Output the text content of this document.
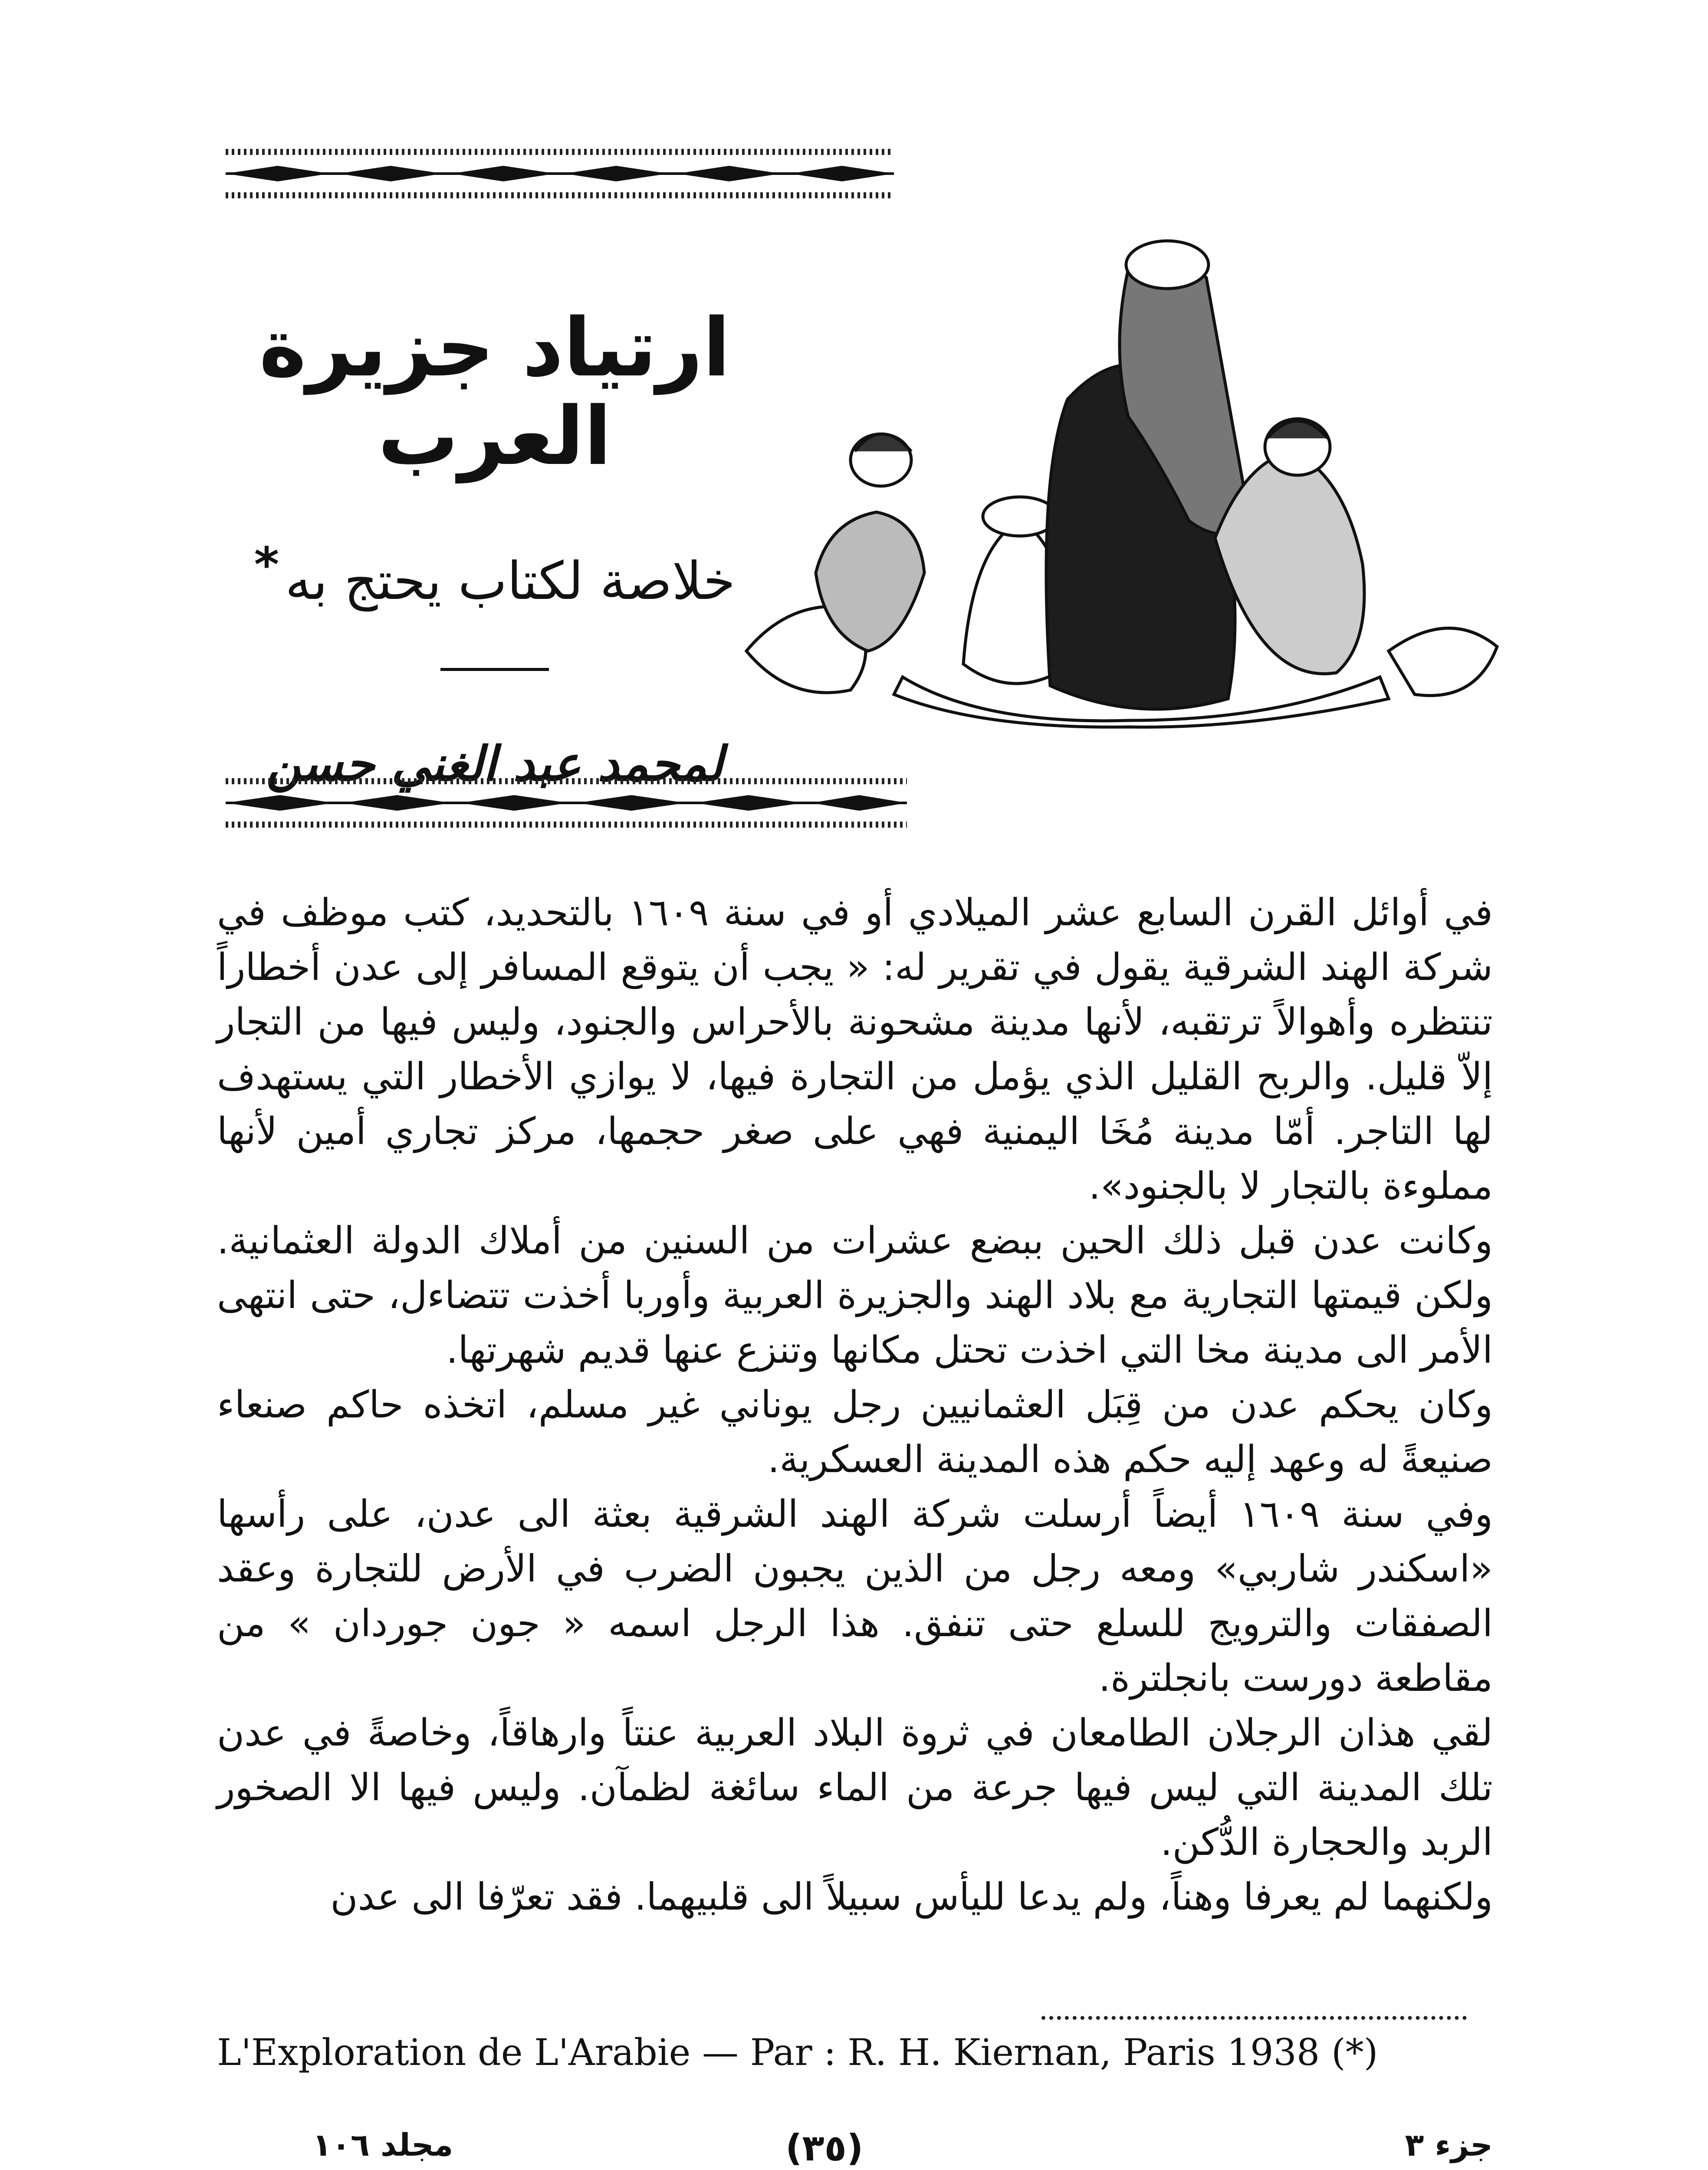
ارتياد جزيرة العرب
خلاصة لكتاب يحتج به*
لمحمد عبد الغني حسن

في أوائل القرن السابع عشر الميلادي أو في سنة ١٦٠٩ بالتحديد، كتب موظف في شركة الهند الشرقية يقول في تقرير له: « يجب أن يتوقع المسافر إلى عدن أخطاراً تنتظره وأهوالاً ترتقبه، لأنها مدينة مشحونة بالأحراس والجنود، وليس فيها من التجار إلاّ قليل. والربح القليل الذي يؤمل من التجارة فيها، لا يوازي الأخطار التي يستهدف لها التاجر. أمّا مدينة مُخَا اليمنية فهي على صغر حجمها، مركز تجاري أمين لأنها مملوءة بالتجار لا بالجنود».

وكانت عدن قبل ذلك الحين ببضع عشرات من السنين من أملاك الدولة العثمانية. ولكن قيمتها التجارية مع بلاد الهند والجزيرة العربية وأوربا أخذت تتضاءل، حتى انتهى الأمر الى مدينة مخا التي اخذت تحتل مكانها وتنزع عنها قديم شهرتها.

وكان يحكم عدن من قِبَل العثمانيين رجل يوناني غير مسلم، اتخذه حاكم صنعاء صنيعةً له وعهد إليه حكم هذه المدينة العسكرية.

وفي سنة ١٦٠٩ أيضاً أرسلت شركة الهند الشرقية بعثة الى عدن، على رأسها «اسكندر شاربي» ومعه رجل من الذين يجبون الضرب في الأرض للتجارة وعقد الصفقات والترويج للسلع حتى تنفق. هذا الرجل اسمه « جون جوردان » من مقاطعة دورست بانجلترة.

لقي هذان الرجلان الطامعان في ثروة البلاد العربية عنتاً وارهاقاً، وخاصةً في عدن تلك المدينة التي ليس فيها جرعة من الماء سائغة لظمآن. وليس فيها الا الصخور الربد والحجارة الدُّكن.

ولكنهما لم يعرفا وهناً، ولم يدعا لليأس سبيلاً الى قلبيهما. فقد تعرّفا الى عدن

L'Exploration de L'Arabie — Par : R. H. Kiernan, Paris 1938 (*)
مجلد ١٠٦	(٣٥)	جزء ٣
